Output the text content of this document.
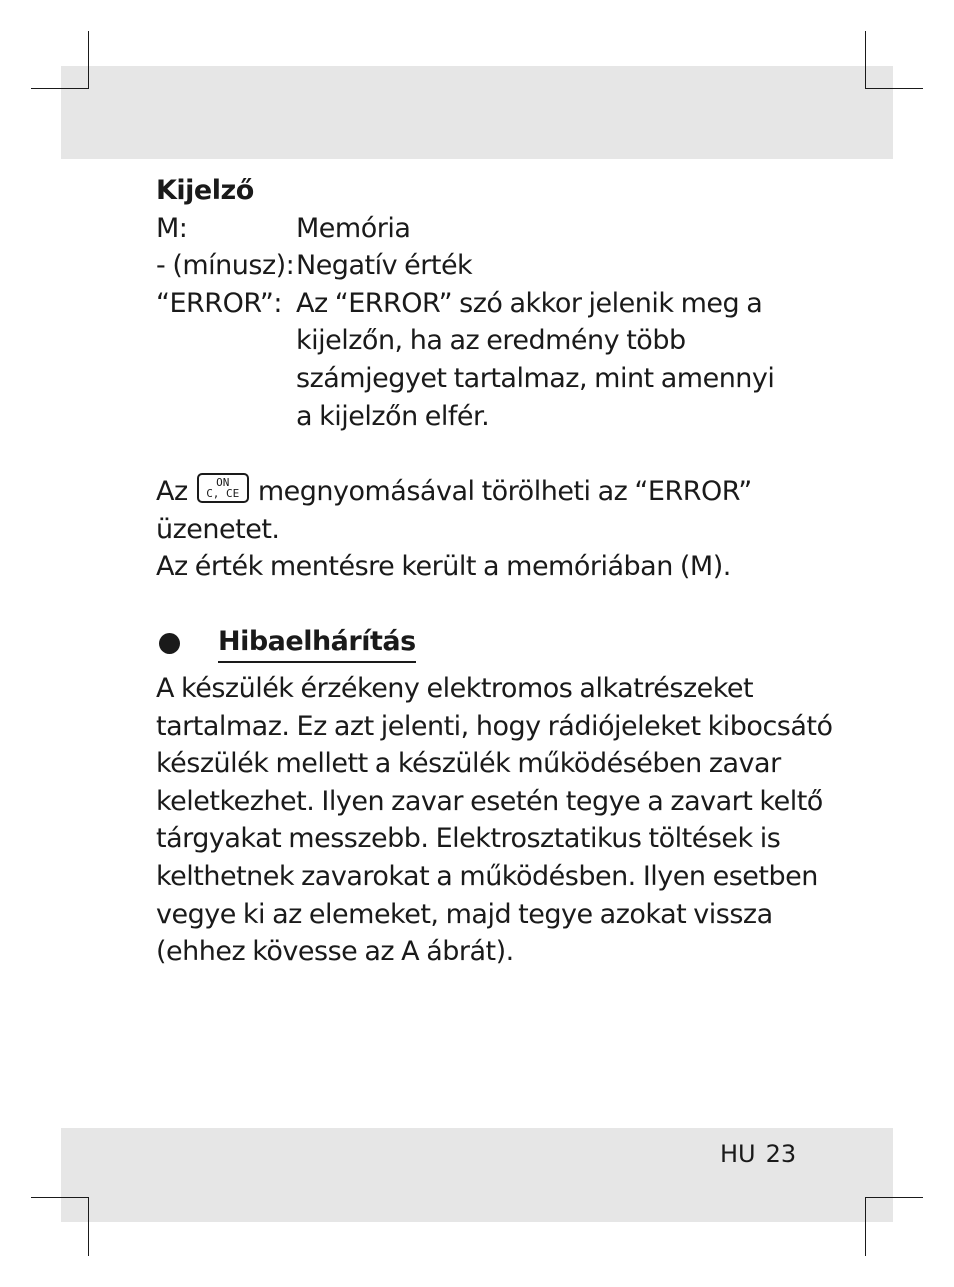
Kijelző

M:	Memória
- (mínusz): Negatív érték
“ERROR”: Az “ERROR” szó akkor jelenik meg a kijelzőn, ha az eredmény több számjegyet tartalmaz, mint amennyi a kijelzőn elfér.

Az	ON
C, CE megnyomásával törölheti az “ERROR” üzenetet.

Az érték mentésre került a memóriában (M).

Hibaelhárítás

A készülék érzékeny elektromos alkatrészeket tartalmaz. Ez azt jelenti, hogy rádiójeleket kibocsátó készülék mellett a készülék működésében zavar keletkezhet. Ilyen zavar esetén tegye a zavart keltő tárgyakat messzebb. Elektrosztatikus töltések is kelthetnek zavarokat a működésben. Ilyen esetben vegye ki az elemeket, majd tegye azokat vissza (ehhez kövesse az A ábrát).

HU 23
